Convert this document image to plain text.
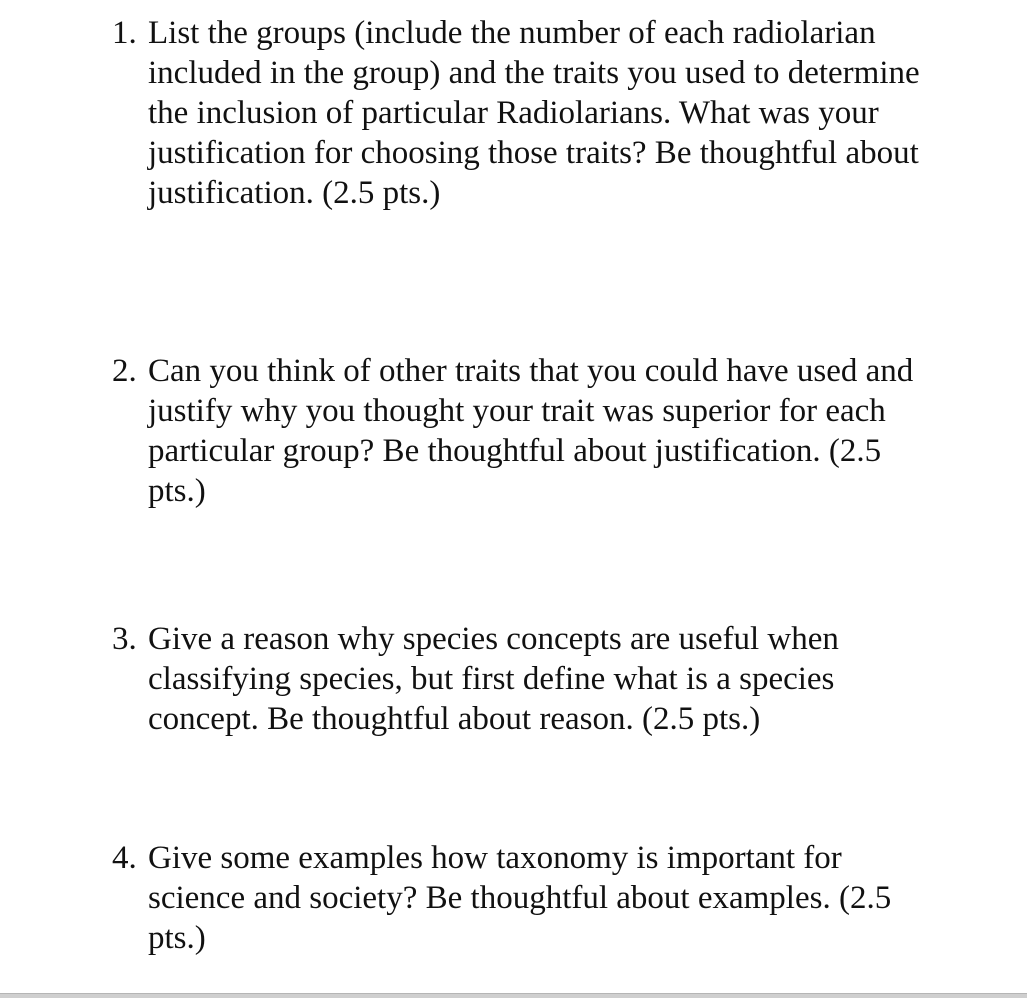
1. List the groups (include the number of each radiolarian
included in the group) and the traits you used to determine
the inclusion of particular Radiolarians. What was your
justification for choosing those traits? Be thoughtful about
justification. (2.5 pts.)
2. Can you think of other traits that you could have used and
justify why you thought your trait was superior for each
particular group? Be thoughtful about justification. (2.5
pts.)
3. Give a reason why species concepts are useful when
classifying species, but first define what is a species
concept. Be thoughtful about reason. (2.5 pts.)
4. Give some examples how taxonomy is important for
science and society? Be thoughtful about examples. (2.5
pts.)
